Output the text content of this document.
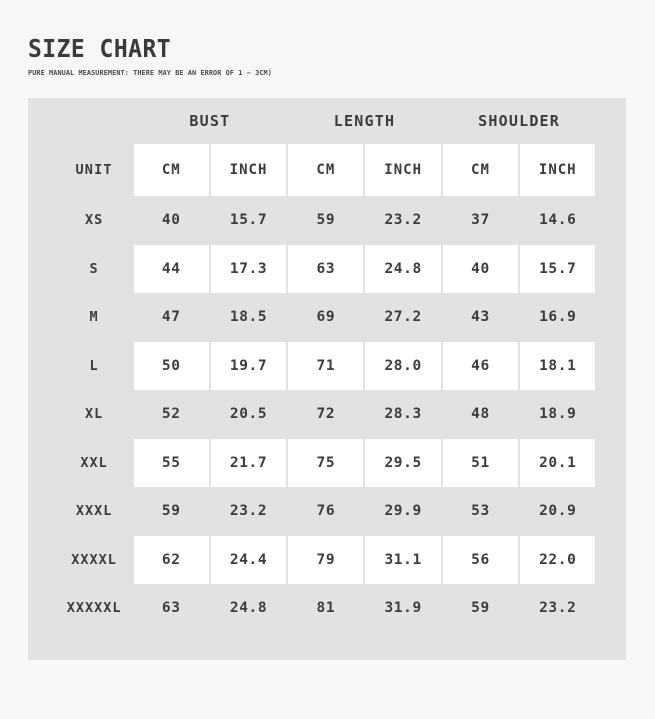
SIZE CHART
PURE MANUAL MEASUREMENT: THERE MAY BE AN ERROR OF 1 ~ 3CM)
	BUST		LENGTH		SHOULDER	
UNIT	CM	INCH	CM	INCH	CM	INCH
XS	40	15.7	59	23.2	37	14.6
S	44	17.3	63	24.8	40	15.7
M	47	18.5	69	27.2	43	16.9
L	50	19.7	71	28.0	46	18.1
XL	52	20.5	72	28.3	48	18.9
XXL	55	21.7	75	29.5	51	20.1
XXXL	59	23.2	76	29.9	53	20.9
XXXXL	62	24.4	79	31.1	56	22.0
XXXXXL	63	24.8	81	31.9	59	23.2
